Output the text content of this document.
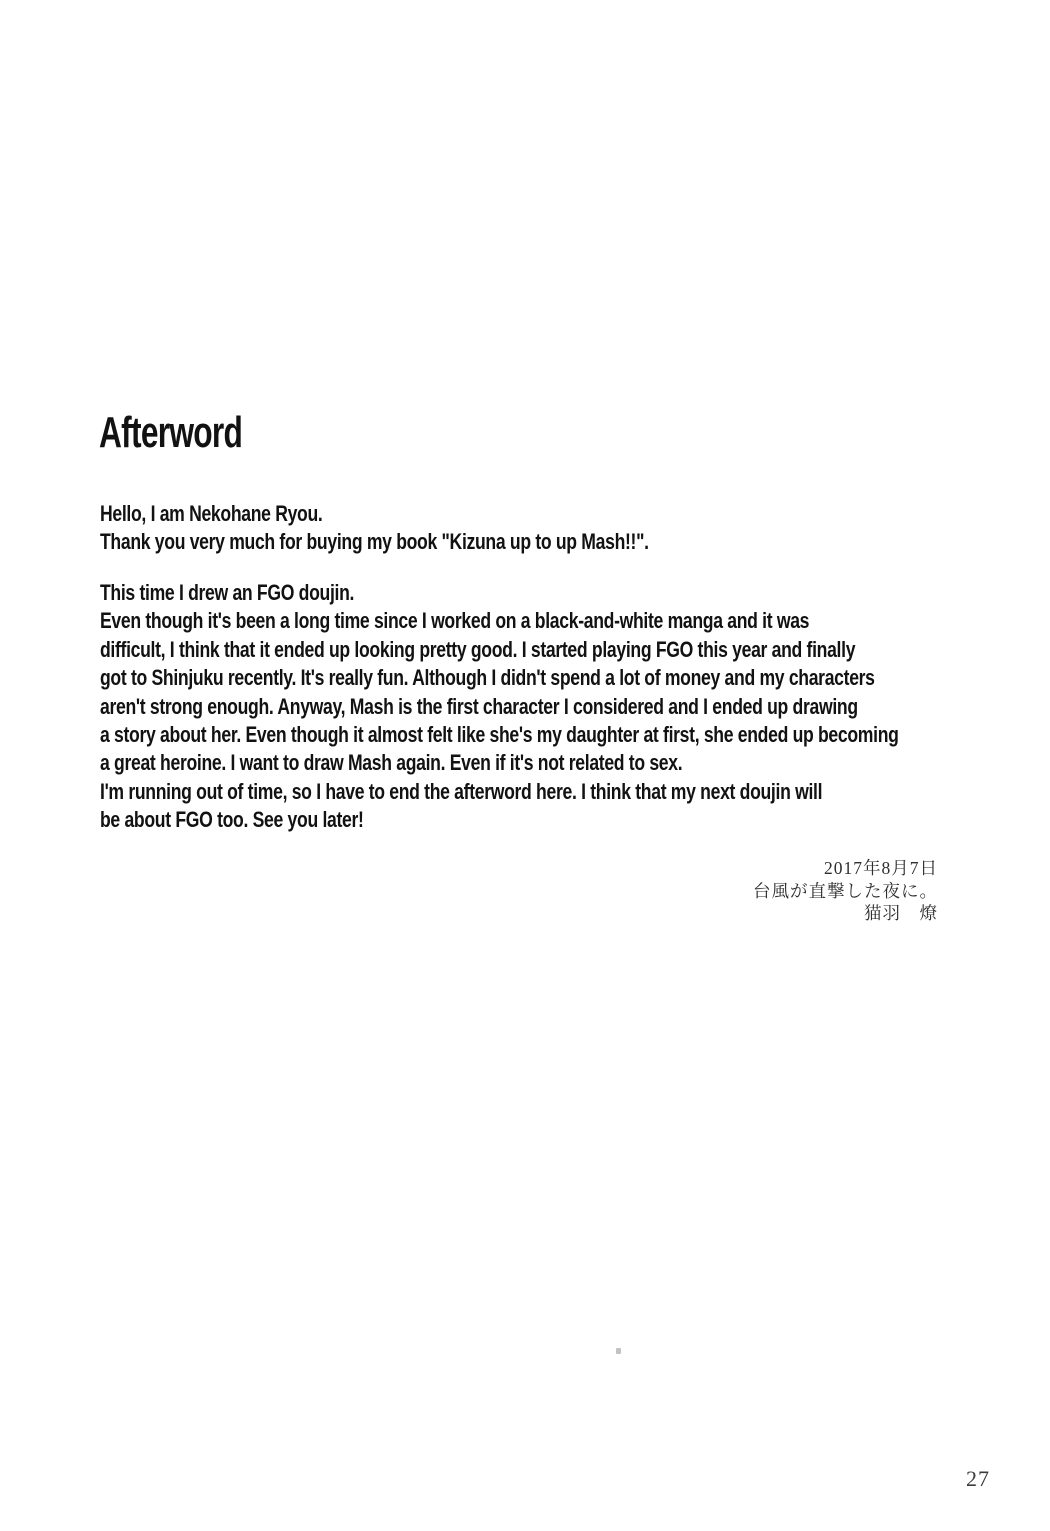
Afterword
Hello, I am Nekohane Ryou.
Thank you very much for buying my book "Kizuna up to up Mash!!".
This time I drew an FGO doujin.
Even though it's been a long time since I worked on a black-and-white manga and it was
difficult, I think that it ended up looking pretty good. I started playing FGO this year and finally
got to Shinjuku recently. It's really fun. Although I didn't spend a lot of money and my characters
aren't strong enough. Anyway, Mash is the first character I considered and I ended up drawing
a story about her. Even though it almost felt like she's my daughter at first, she ended up becoming
a great heroine. I want to draw Mash again. Even if it's not related to sex.
I'm running out of time, so I have to end the afterword here. I think that my next doujin will
be about FGO too. See you later!
2017年8月7日
台風が直撃した夜に。
猫羽　燎
27
